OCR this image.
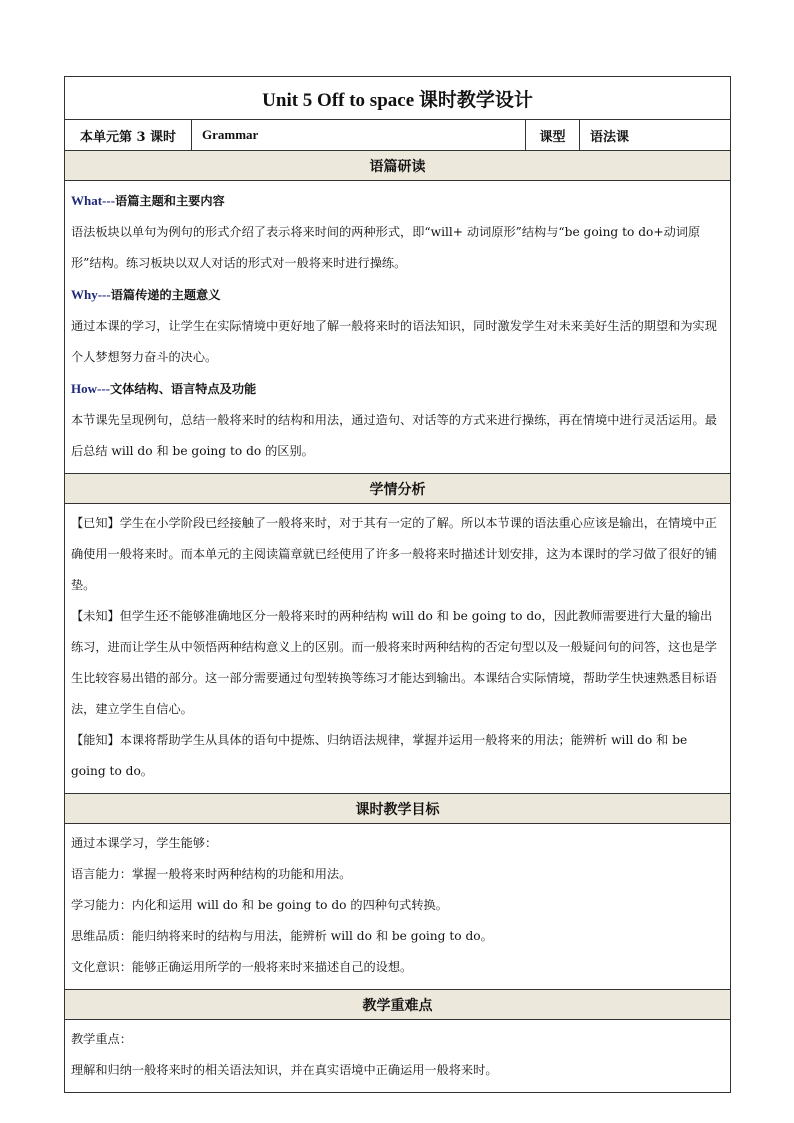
Unit 5 Off to space 课时教学设计
本单元第 3 课时	Grammar	课型	语法课
语篇研读

What---语篇主题和主要内容

语法板块以单句为例句的形式介绍了表示将来时间的两种形式，即“will+ 动词原形”结构与“be going to do+动词原形”结构。练习板块以双人对话的形式对一般将来时进行操练。

Why---语篇传递的主题意义

通过本课的学习，让学生在实际情境中更好地了解一般将来时的语法知识，同时激发学生对未来美好生活的期望和为实现个人梦想努力奋斗的决心。

How---文体结构、语言特点及功能

本节课先呈现例句，总结一般将来时的结构和用法，通过造句、对话等的方式来进行操练，再在情境中进行灵活运用。最后总结 will do 和 be going to do 的区别。

学情分析

【已知】学生在小学阶段已经接触了一般将来时，对于其有一定的了解。所以本节课的语法重心应该是输出，在情境中正确使用一般将来时。而本单元的主阅读篇章就已经使用了许多一般将来时描述计划安排，这为本课时的学习做了很好的铺垫。

【未知】但学生还不能够准确地区分一般将来时的两种结构 will do 和 be going to do，因此教师需要进行大量的输出练习，进而让学生从中领悟两种结构意义上的区别。而一般将来时两种结构的否定句型以及一般疑问句的问答，这也是学生比较容易出错的部分。这一部分需要通过句型转换等练习才能达到输出。本课结合实际情境，帮助学生快速熟悉目标语法，建立学生自信心。

【能知】本课将帮助学生从具体的语句中提炼、归纳语法规律，掌握并运用一般将来的用法；能辨析 will do 和 be going to do。

课时教学目标

通过本课学习，学生能够：

语言能力：掌握一般将来时两种结构的功能和用法。

学习能力：内化和运用 will do 和 be going to do 的四种句式转换。

思维品质：能归纳将来时的结构与用法，能辨析 will do 和 be going to do。

文化意识：能够正确运用所学的一般将来时来描述自己的设想。

教学重难点

教学重点：

理解和归纳一般将来时的相关语法知识，并在真实语境中正确运用一般将来时。
